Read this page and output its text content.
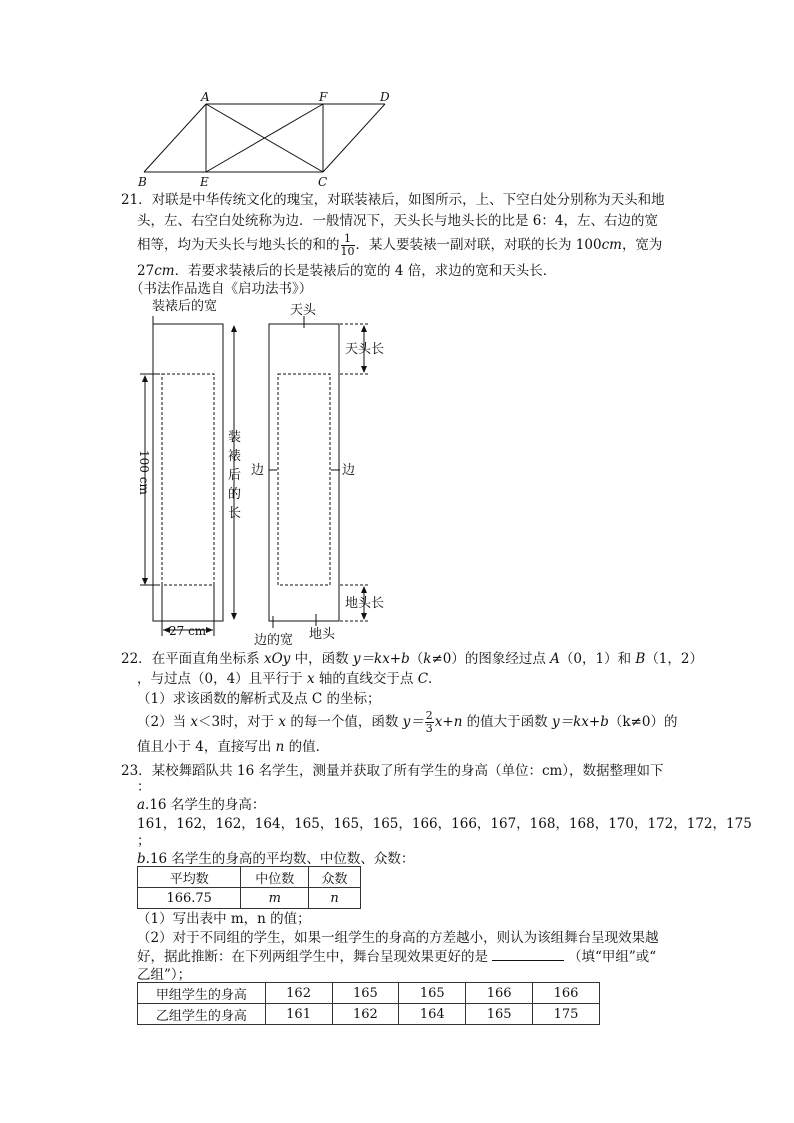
A	F	D
B	E	C
21．对联是中华传统文化的瑰宝，对联装裱后，如图所示，上、下空白处分别称为天头和地
头，左、右空白处统称为边．一般情况下，天头长与地头长的比是 6：4，左、右边的宽
相等，均为天头长与地头长的和的 $\frac{1}{10}$ ．某人要装裱一副对联，对联的长为 100cm，宽为
27cm．若要求装裱后的长是装裱后的宽的 4 倍，求边的宽和天头长．
（书法作品选自《启功法书》）
装裱后的宽
装
裱
后
的
长
100 cm
27 cm
天头
天头长
边	边
地头长
边的宽 地头
22．在平面直角坐标系 xOy 中，函数 y＝kx+b（k≠0）的图象经过点 A（0，1）和 B（1，2）
，与过点（0，4）且平行于 x 轴的直线交于点 C．
（1）求该函数的解析式及点 C 的坐标；
（2）当 x＜3时，对于 x 的每一个值，函数 $y= \frac{2}{3} x+n$ 的值大于函数 y＝kx+b（k≠0）的
值且小于 4，直接写出 n 的值．
23．某校舞蹈队共 16 名学生，测量并获取了所有学生的身高（单位：cm），数据整理如下
：
a.16 名学生的身高：
161，162，162，164，165，165，165，166，166，167，168，168，170，172，172，175
；
b.16 名学生的身高的平均数、中位数、众数：
平均数	中位数	众数
166.75	m	n
（1）写出表中 m，n 的值；
（2）对于不同组的学生，如果一组学生的身高的方差越小，则认为该组舞台呈现效果越
好，据此推断：在下列两组学生中，舞台呈现效果更好的是	（填“甲组”或“
乙组”）；
甲组学生的身高	162	165	165	166	166
乙组学生的身高	161	162	164	165	175
